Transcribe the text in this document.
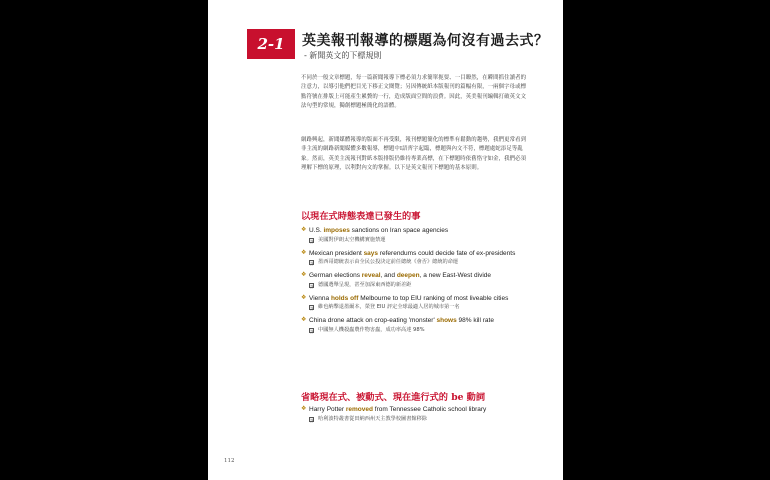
2-1	英美報刊報導的標題為何沒有過去式？
- 新聞英文的下標規則

不同於一般文章標題，每一篇新聞報導下標必須力求簡單扼要、一目瞭然，在瞬間抓住讀者的注意力，以導引他們把目光下移正文閱覽；另因傳統紙本版報刊的篇幅有限，一兩個字母或標點符號在排版上可能產生累贅的一行，造成版面空間的浪費。因此，英美報刊編輯打破英文文法句型的常規，獨創標題極簡化的語體。

網路興起，新聞媒體報導的版面不再受限，報刊標題簡化的標準有鬆動的趨勢，我們更常看到非主流的網路新聞媒體多數報導，標題中I語齊字起臨，標題與內文不符，標題處蛇添足等亂象。然而，英美主流報刊對紙本版排版仍維持專業高標，在下標題時依舊恪守如金，我們必須理解下標的原理，以利對內文的掌握。以下是英文報刊下標題的基本原則。

以現在式時態表達已發生的事
❖ U.S. imposes sanctions on Iran space agencies
譯 美國對伊朗太空機構實施禁運
❖ Mexican president says referendums could decide fate of ex-presidents
譯 墨西哥總統表示由全民公投決定前任總統《會否》總統的命運
❖ German elections reveal, and deepen, a new East-West divide
譯 德國選舉呈現，甚至加深東西德的新差距
❖ Vienna holds off Melbourne to top EIU ranking of most liveable cities
譯 維也納擊退墨爾本，榮登 EIU 評定全球最適人居的城市第一名
❖ China drone attack on crop-eating 'monster' shows 98% kill rate
譯 中國無人機殺蟲農作物害蟲，成功率高達 98%
省略現在式、被動式、現在進行式的 be 動詞
❖ Harry Potter removed from Tennessee Catholic school library
譯 哈利波特叢書從田納西州天主教學校圖書館移除
112
